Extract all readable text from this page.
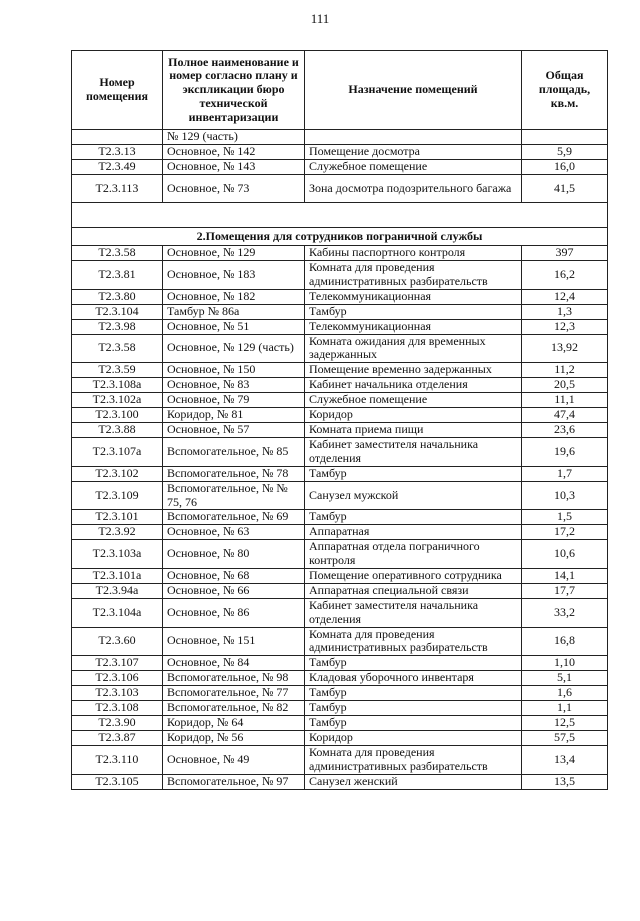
111
Номер помещения	Полное наименование и номер согласно плану и экспликации бюро технической инвентаризации	Назначение помещений	Общая площадь, кв.м.
	№ 129 (часть)		
Т2.3.13	Основное, № 142	Помещение досмотра	5,9
Т2.3.49	Основное, № 143	Служебное помещение	16,0
Т2.3.113	Основное, № 73	Зона досмотра подозрительного багажа	41,5

2.Помещения для сотрудников пограничной службы			
Т2.3.58	Основное, № 129	Кабины паспортного контроля	397
Т2.3.81	Основное, № 183	Комната для проведения административных разбирательств	16,2
Т2.3.80	Основное, № 182	Телекоммуникационная	12,4
Т2.3.104	Тамбур № 86а	Тамбур	1,3
Т2.3.98	Основное, № 51	Телекоммуникационная	12,3
Т2.3.58	Основное, № 129 (часть)	Комната ожидания для временных задержанных	13,92
Т2.3.59	Основное, № 150	Помещение временно задержанных	11,2
Т2.3.108а	Основное, № 83	Кабинет начальника отделения	20,5
Т2.3.102а	Основное, № 79	Служебное помещение	11,1
Т2.3.100	Коридор, № 81	Коридор	47,4
Т2.3.88	Основное, № 57	Комната приема пищи	23,6
Т2.3.107а	Вспомогательное, № 85	Кабинет заместителя начальника отделения	19,6
Т2.3.102	Вспомогательное, № 78	Тамбур	1,7
Т2.3.109	Вспомогательное, № № 75, 76	Санузел мужской	10,3
Т2.3.101	Вспомогательное, № 69	Тамбур	1,5
Т2.3.92	Основное, № 63	Аппаратная	17,2
Т2.3.103а	Основное, № 80	Аппаратная отдела пограничного контроля	10,6
Т2.3.101а	Основное, № 68	Помещение оперативного сотрудника	14,1
Т2.3.94а	Основное, № 66	Аппаратная специальной связи	17,7
Т2.3.104а	Основное, № 86	Кабинет заместителя начальника отделения	33,2
Т2.3.60	Основное, № 151	Комната для проведения административных разбирательств	16,8
Т2.3.107	Основное, № 84	Тамбур	1,10
Т2.3.106	Вспомогательное, № 98	Кладовая уборочного инвентаря	5,1
Т2.3.103	Вспомогательное, № 77	Тамбур	1,6
Т2.3.108	Вспомогательное, № 82	Тамбур	1,1
Т2.3.90	Коридор, № 64	Тамбур	12,5
Т2.3.87	Коридор, № 56	Коридор	57,5
Т2.3.110	Основное, № 49	Комната для проведения административных разбирательств	13,4
Т2.3.105	Вспомогательное, № 97	Санузел женский	13,5
